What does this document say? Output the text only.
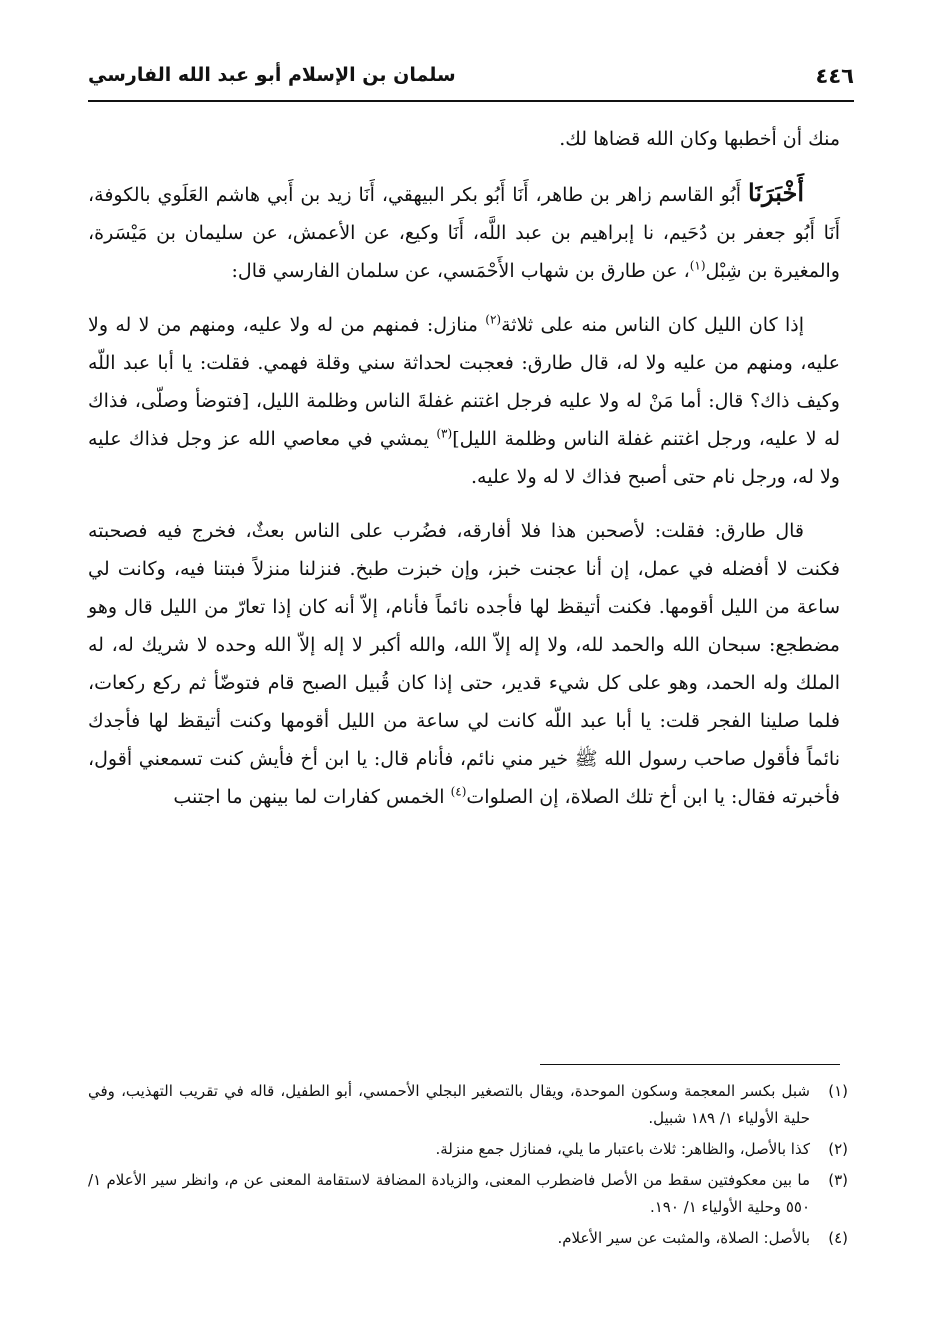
٤٤٦
سلمان بن الإسلام أبو عبد الله الفارسي

منك أن أخطبها وكان الله قضاها لك.

أَخْبَرَنَا أَبُو القاسم زاهر بن طاهر، أَنَا أَبُو بكر البيهقي، أَنَا زيد بن أَبي هاشم العَلَوي بالكوفة، أَنَا أَبُو جعفر بن دُحَيم، نا إبراهيم بن عبد اللَّه، أَنَا وكيع، عن الأعمش، عن سليمان بن مَيْسَرة، والمغيرة بن شِبْل$^{(١)}$، عن طارق بن شهاب الأَحْمَسي، عن سلمان الفارسي قال:

إذا كان الليل كان الناس منه على ثلاثة$^{(٢)}$ منازل: فمنهم من له ولا عليه، ومنهم من لا له ولا عليه، ومنهم من عليه ولا له، قال طارق: فعجبت لحداثة سني وقلة فهمي. فقلت: يا أبا عبد اللّه وكيف ذاك؟ قال: أما مَنْ له ولا عليه فرجل اغتنم غفلةَ الناس وظلمة الليل، [فتوضأ وصلّى، فذاك له لا عليه، ورجل اغتنم غفلة الناس وظلمة الليل]$^{(٣)}$ يمشي في معاصي الله عز وجل فذاك عليه ولا له، ورجل نام حتى أصبح فذاك لا له ولا عليه.

قال طارق: فقلت: لأصحبن هذا فلا أفارقه، فضُرب على الناس بعثٌ، فخرج فيه فصحبته فكنت لا أفضله في عمل، إن أنا عجنت خبز، وإن خبزت طبخ. فنزلنا منزلاً فبتنا فيه، وكانت لي ساعة من الليل أقومها. فكنت أتيقظ لها فأجده نائماً فأنام، إلاّ أنه كان إذا تعارّ من الليل قال وهو مضطجع: سبحان الله والحمد لله، ولا إله إلاّ الله، والله أكبر لا إله إلاّ الله وحده لا شريك له، له الملك وله الحمد، وهو على كل شيء قدير، حتى إذا كان قُبيل الصبح قام فتوضّأ ثم ركع ركعات، فلما صلينا الفجر قلت: يا أبا عبد اللّه كانت لي ساعة من الليل أقومها وكنت أتيقظ لها فأجدك نائماً فأقول صاحب رسول الله ﷺ خير مني نائم، فأنام قال: يا ابن أخ فأيش كنت تسمعني أقول، فأخبرته فقال: يا ابن أخ تلك الصلاة، إن الصلوات$^{(٤)}$ الخمس كفارات لما بينهن ما اجتنب

(١)
شبل بكسر المعجمة وسكون الموحدة، ويقال بالتصغير البجلي الأحمسي، أبو الطفيل، قاله في تقريب التهذيب، وفي حلية الأولياء ١/ ١٨٩ شبيل.
(٢)
كذا بالأصل، والظاهر: ثلاث باعتبار ما يلي، فمنازل جمع منزلة.
(٣)
ما بين معكوفتين سقط من الأصل فاضطرب المعنى، والزيادة المضافة لاستقامة المعنى عن م، وانظر سير الأعلام ١/ ٥٥٠ وحلية الأولياء ١/ ١٩٠.
(٤)
بالأصل: الصلاة، والمثبت عن سير الأعلام.
